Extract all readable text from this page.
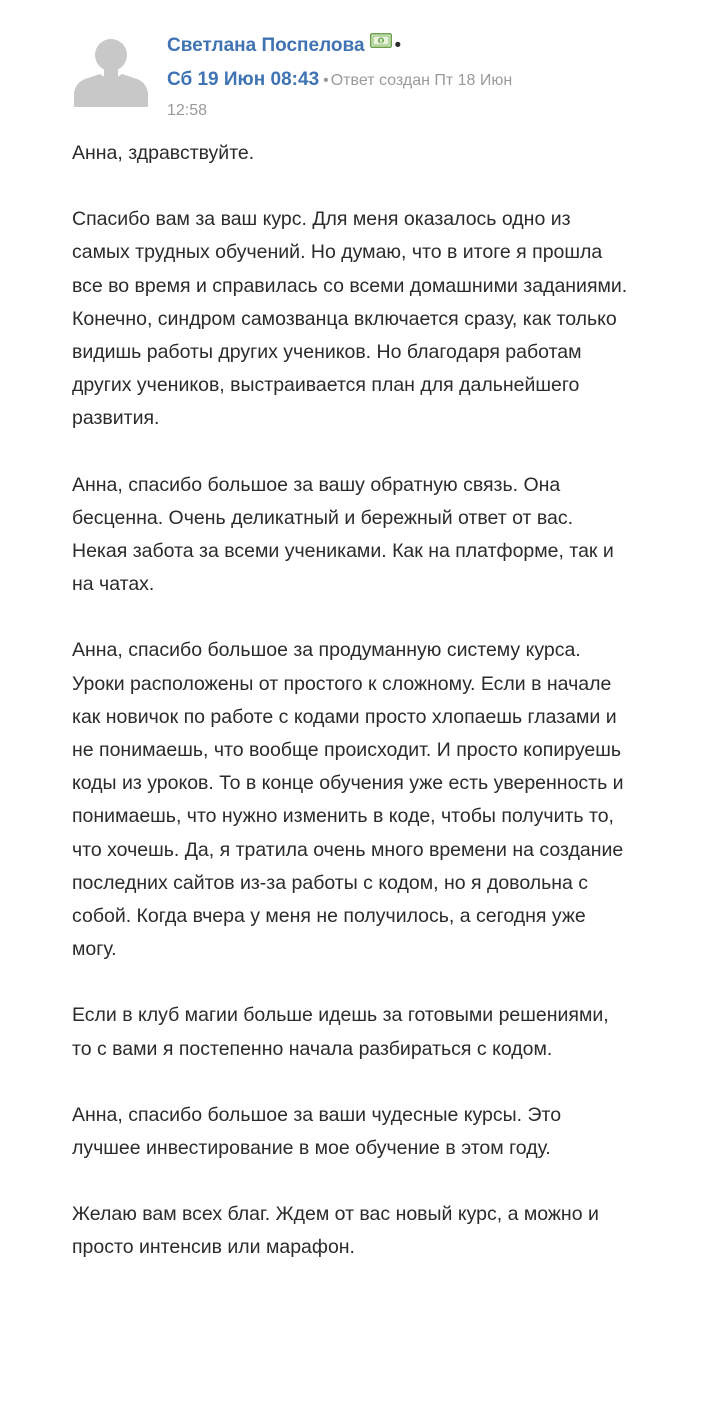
Светлана Поспелова	$ •
Сб 19 Июн 08:43 • Ответ создан Пт 18 Июн
12:58

Анна, здравствуйте.

Спасибо вам за ваш курс. Для меня оказалось одно из самых трудных обучений. Но думаю, что в итоге я прошла все во время и справилась со всеми домашними заданиями. Конечно, синдром самозванца включается сразу, как только видишь работы других учеников. Но благодаря работам других учеников, выстраивается план для дальнейшего развития.

Анна, спасибо большое за вашу обратную связь. Она бесценна. Очень деликатный и бережный ответ от вас. Некая забота за всеми учениками. Как на платформе, так и на чатах.

Анна, спасибо большое за продуманную систему курса. Уроки расположены от простого к сложному. Если в начале как новичок по работе с кодами просто хлопаешь глазами и не понимаешь, что вообще происходит. И просто копируешь коды из уроков. То в конце обучения уже есть уверенность и понимаешь, что нужно изменить в коде, чтобы получить то, что хочешь. Да, я тратила очень много времени на создание последних сайтов из-за работы с кодом, но я довольна с собой. Когда вчера у меня не получилось, а сегодня уже могу.

Если в клуб магии больше идешь за готовыми решениями, то с вами я постепенно начала разбираться с кодом.

Анна, спасибо большое за ваши чудесные курсы. Это лучшее инвестирование в мое обучение в этом году.

Желаю вам всех благ. Ждем от вас новый курс, а можно и просто интенсив или марафон.
